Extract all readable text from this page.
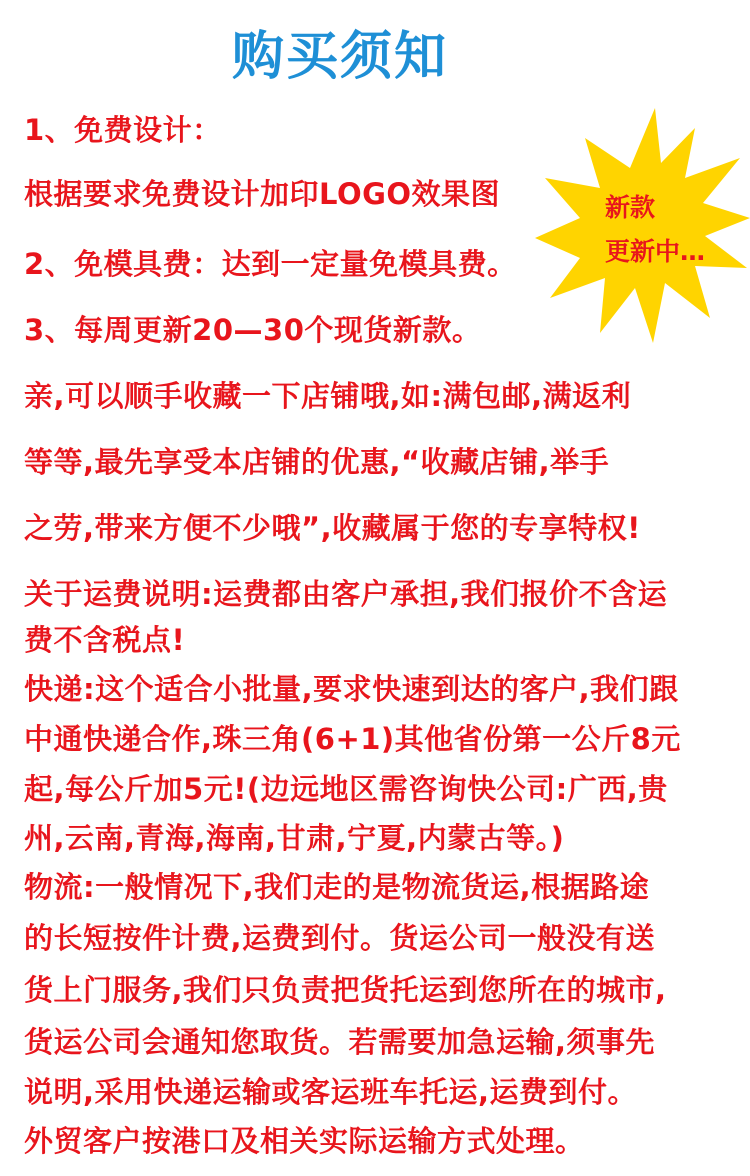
购买须知
新款
更新中…
1、免费设计：
根据要求免费设计加印LOGO效果图
2、免模具费：达到一定量免模具费。
3、每周更新20—30个现货新款。
亲,可以顺手收藏一下店铺哦,如:满包邮,满返利
等等,最先享受本店铺的优惠,“收藏店铺,举手
之劳,带来方便不少哦”,收藏属于您的专享特权!
关于运费说明:运费都由客户承担,我们报价不含运
费不含税点!
快递:这个适合小批量,要求快速到达的客户,我们跟
中通快递合作,珠三角(6+1)其他省份第一公斤8元
起,每公斤加5元!(边远地区需咨询快公司:广西,贵
州,云南,青海,海南,甘肃,宁夏,内蒙古等。)
物流:一般情况下,我们走的是物流货运,根据路途
的长短按件计费,运费到付。货运公司一般没有送
货上门服务,我们只负责把货托运到您所在的城市,
货运公司会通知您取货。若需要加急运输,须事先
说明,采用快递运输或客运班车托运,运费到付。
外贸客户按港口及相关实际运输方式处理。
